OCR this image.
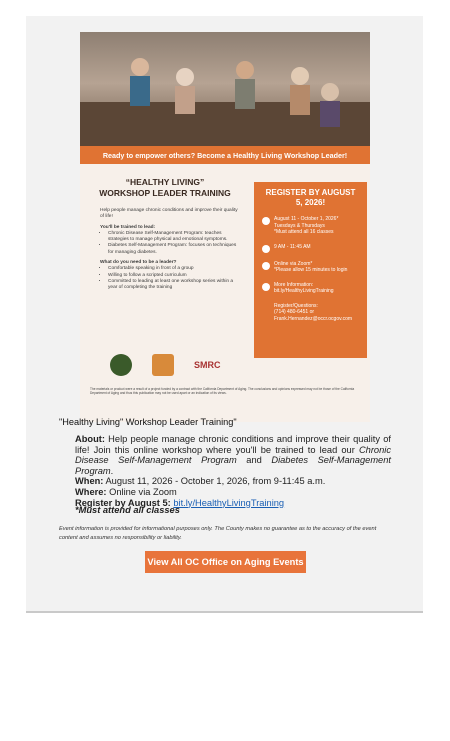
Ready to empower others? Become a Healthy Living Workshop Leader!
“HEALTHY LIVING”
WORKSHOP LEADER TRAINING
Help people manage chronic conditions and improve their quality of life!
You'll be trained to lead:
• Chronic Disease Self-Management Program: teaches strategies to manage physical and emotional symptoms.
• Diabetes Self-Management Program: focuses on techniques for managing diabetes.
What do you need to be a leader?
• Comfortable speaking in front of a group
• Willing to follow a scripted curriculum
• Committed to leading at least one workshop series within a year of completing the training
REGISTER BY AUGUST 5, 2026!
August 11 - October 1, 2026* Tuesdays & Thursdays
*Must attend all 16 classes
9 AM - 11:45 AM
Online via Zoom*
*Please allow 15 minutes to login
More Information:
bit.ly/HealthyLivingTraining
Register/Questions:
(714) 480-6451 or
Frank.Hernandez@occr.ocgov.com
SMRC
The materials or product were a result of a project funded by a contract with the California Department of Aging. The conclusions and opinions expressed may not be those of the California Department of Aging and thus this publication may not be used apart or an indication of its views.
"Healthy Living" Workshop Leader Training"
About: Help people manage chronic conditions and improve their quality of life! Join this online workshop where you'll be trained to lead our Chronic Disease Self-Management Program and Diabetes Self-Management Program.
When: August 11, 2026 - October 1, 2026, from 9-11:45 a.m.
Where: Online via Zoom
Register by August 5: bit.ly/HealthyLivingTraining
*Must attend all classes
Event information is provided for informational purposes only. The County makes no guarantee as to the accuracy of the event content and assumes no responsibility or liability.
View All OC Office on Aging Events
